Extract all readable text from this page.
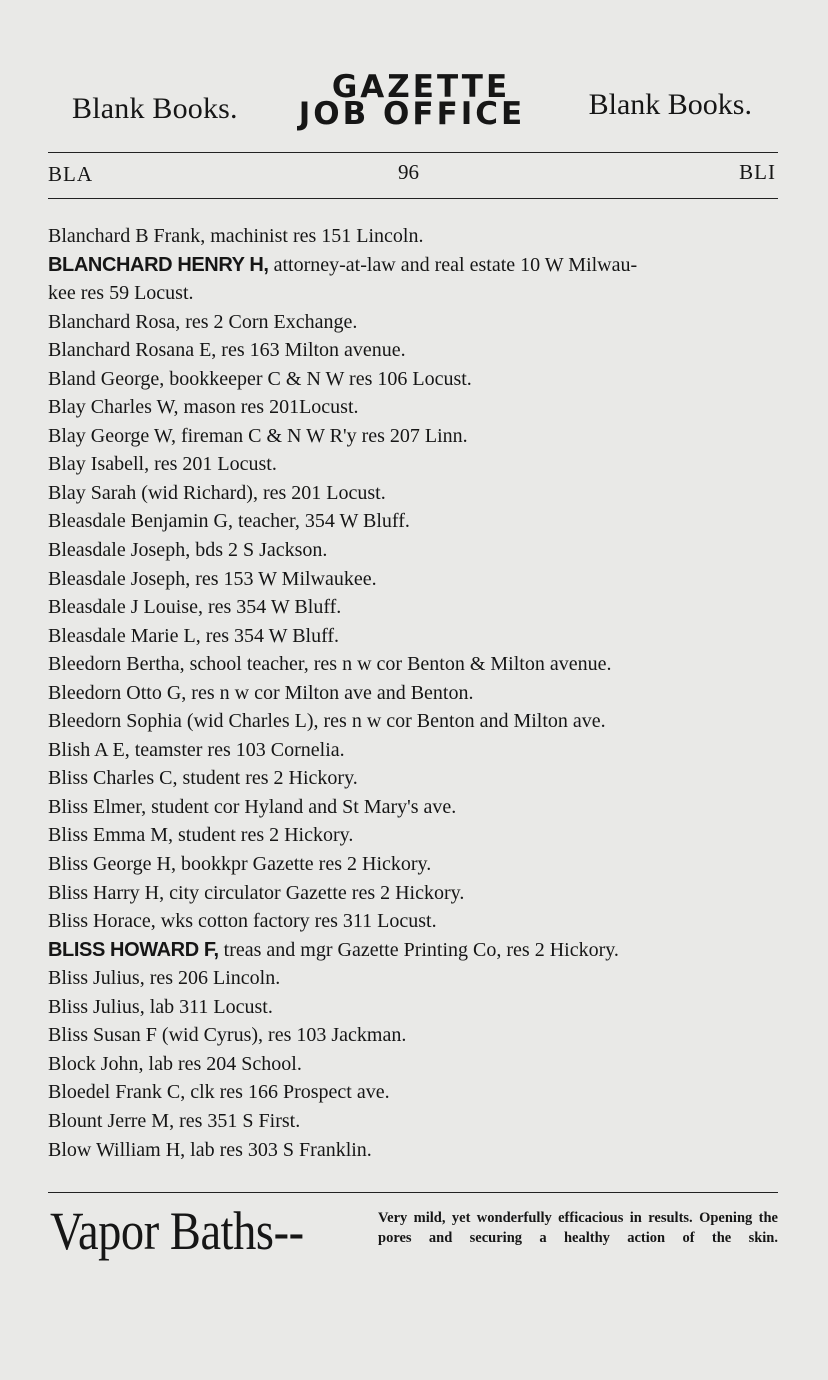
Blank Books.
GAZETTE
JOB OFFICE	Blank Books.
BLA	96	BLI
Blanchard B Frank, machinist res 151 Lincoln.
BLANCHARD HENRY H, attorney-at-law and real estate 10 W Milwau-
kee res 59 Locust.
Blanchard Rosa, res 2 Corn Exchange.
Blanchard Rosana E, res 163 Milton avenue.
Bland George, bookkeeper C & N W res 106 Locust.
Blay Charles W, mason res 201Locust.
Blay George W, fireman C & N W R'y res 207 Linn.
Blay Isabell, res 201 Locust.
Blay Sarah (wid Richard), res 201 Locust.
Bleasdale Benjamin G, teacher, 354 W Bluff.
Bleasdale Joseph, bds 2 S Jackson.
Bleasdale Joseph, res 153 W Milwaukee.
Bleasdale J Louise, res 354 W Bluff.
Bleasdale Marie L, res 354 W Bluff.
Bleedorn Bertha, school teacher, res n w cor Benton & Milton avenue.
Bleedorn Otto G, res n w cor Milton ave and Benton.
Bleedorn Sophia (wid Charles L), res n w cor Benton and Milton ave.
Blish A E, teamster res 103 Cornelia.
Bliss Charles C, student res 2 Hickory.
Bliss Elmer, student cor Hyland and St Mary's ave.
Bliss Emma M, student res 2 Hickory.
Bliss George H, bookkpr Gazette res 2 Hickory.
Bliss Harry H, city circulator Gazette res 2 Hickory.
Bliss Horace, wks cotton factory res 311 Locust.
BLISS HOWARD F, treas and mgr Gazette Printing Co, res 2 Hickory.
Bliss Julius, res 206 Lincoln.
Bliss Julius, lab 311 Locust.
Bliss Susan F (wid Cyrus), res 103 Jackman.
Block John, lab res 204 School.
Bloedel Frank C, clk res 166 Prospect ave.
Blount Jerre M, res 351 S First.
Blow William H, lab res 303 S Franklin.
Vapor Baths--	Very mild, yet wonderfully efficacious in results. Opening the pores and securing a healthy action of the skin.
